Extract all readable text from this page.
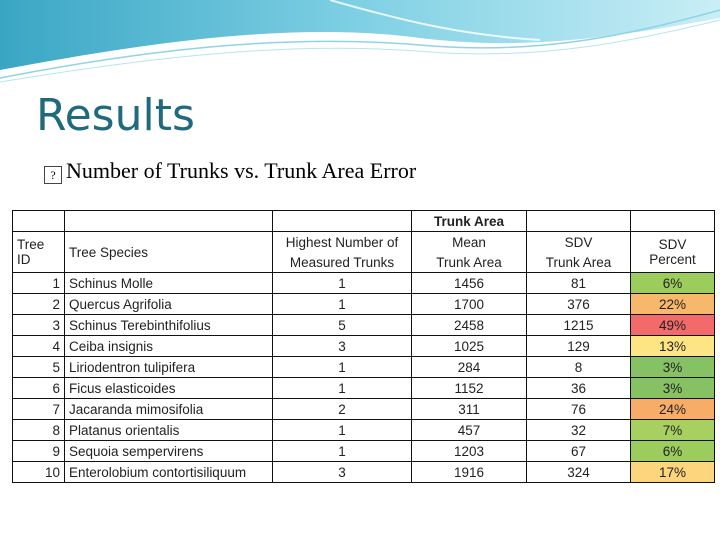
Results
? Number of Trunks vs. Trunk Area Error
			Trunk Area		
Tree ID	Tree Species	Highest Number of	Mean	SDV	SDV Percent
		Measured Trunks	Trunk Area	Trunk Area	
1	Schinus Molle	1	1456	81	6%
2	Quercus Agrifolia	1	1700	376	22%
3	Schinus Terebinthifolius	5	2458	1215	49%
4	Ceiba insignis	3	1025	129	13%
5	Liriodentron tulipifera	1	284	8	3%
6	Ficus elasticoides	1	1152	36	3%
7	Jacaranda mimosifolia	2	311	76	24%
8	Platanus orientalis	1	457	32	7%
9	Sequoia sempervirens	1	1203	67	6%
10	Enterolobium contortisiliquum	3	1916	324	17%
